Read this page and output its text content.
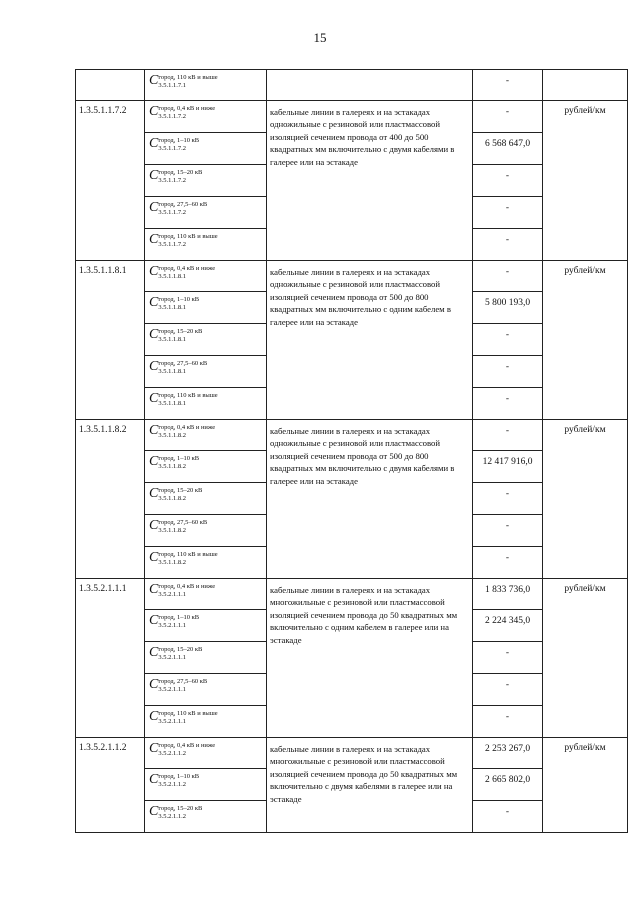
15
	C город, 110 кВ и выше
3.5.1.1.7.1		-	
1.3.5.1.1.7.2	C город, 0,4 кВ и ниже
3.5.1.1.7.2	кабельные линии в галереях и на эстакадах одножильные с резиновой или пластмассовой изоляцией сечением провода от 400 до 500 квадратных мм включительно с двумя кабелями в галерее или на эстакаде	-	рублей/км
	C город, 1–10 кВ
3.5.1.1.7.2		6 568 647,0	
	C город, 15–20 кВ
3.5.1.1.7.2		-	
	C город, 27,5–60 кВ
3.5.1.1.7.2		-	
	C город, 110 кВ и выше
3.5.1.1.7.2		-	
1.3.5.1.1.8.1	C город, 0,4 кВ и ниже
3.5.1.1.8.1	кабельные линии в галереях и на эстакадах одножильные с резиновой или пластмассовой изоляцией сечением провода от 500 до 800 квадратных мм включительно с одним кабелем в галерее или на эстакаде	-	рублей/км
	C город, 1–10 кВ
3.5.1.1.8.1		5 800 193,0	
	C город, 15–20 кВ
3.5.1.1.8.1		-	
	C город, 27,5–60 кВ
3.5.1.1.8.1		-	
	C город, 110 кВ и выше
3.5.1.1.8.1		-	
1.3.5.1.1.8.2	C город, 0,4 кВ и ниже
3.5.1.1.8.2	кабельные линии в галереях и на эстакадах одножильные с резиновой или пластмассовой изоляцией сечением провода от 500 до 800 квадратных мм включительно с двумя кабелями в галерее или на эстакаде	-	рублей/км
	C город, 1–10 кВ
3.5.1.1.8.2		12 417 916,0	
	C город, 15–20 кВ
3.5.1.1.8.2		-	
	C город, 27,5–60 кВ
3.5.1.1.8.2		-	
	C город, 110 кВ и выше
3.5.1.1.8.2		-	
1.3.5.2.1.1.1	C город, 0,4 кВ и ниже
3.5.2.1.1.1	кабельные линии в галереях и на эстакадах многожильные с резиновой или пластмассовой изоляцией сечением провода до 50 квадратных мм включительно с одним кабелем в галерее или на эстакаде	1 833 736,0	рублей/км
	C город, 1–10 кВ
3.5.2.1.1.1		2 224 345,0	
	C город, 15–20 кВ
3.5.2.1.1.1		-	
	C город, 27,5–60 кВ
3.5.2.1.1.1		-	
	C город, 110 кВ и выше
3.5.2.1.1.1		-	
1.3.5.2.1.1.2	C город, 0,4 кВ и ниже
3.5.2.1.1.2	кабельные линии в галереях и на эстакадах многожильные с резиновой или пластмассовой изоляцией сечением провода до 50 квадратных мм включительно с двумя кабелями в галерее или на эстакаде	2 253 267,0	рублей/км
	C город, 1–10 кВ
3.5.2.1.1.2		2 665 802,0	
	C город, 15–20 кВ
3.5.2.1.1.2		-	
